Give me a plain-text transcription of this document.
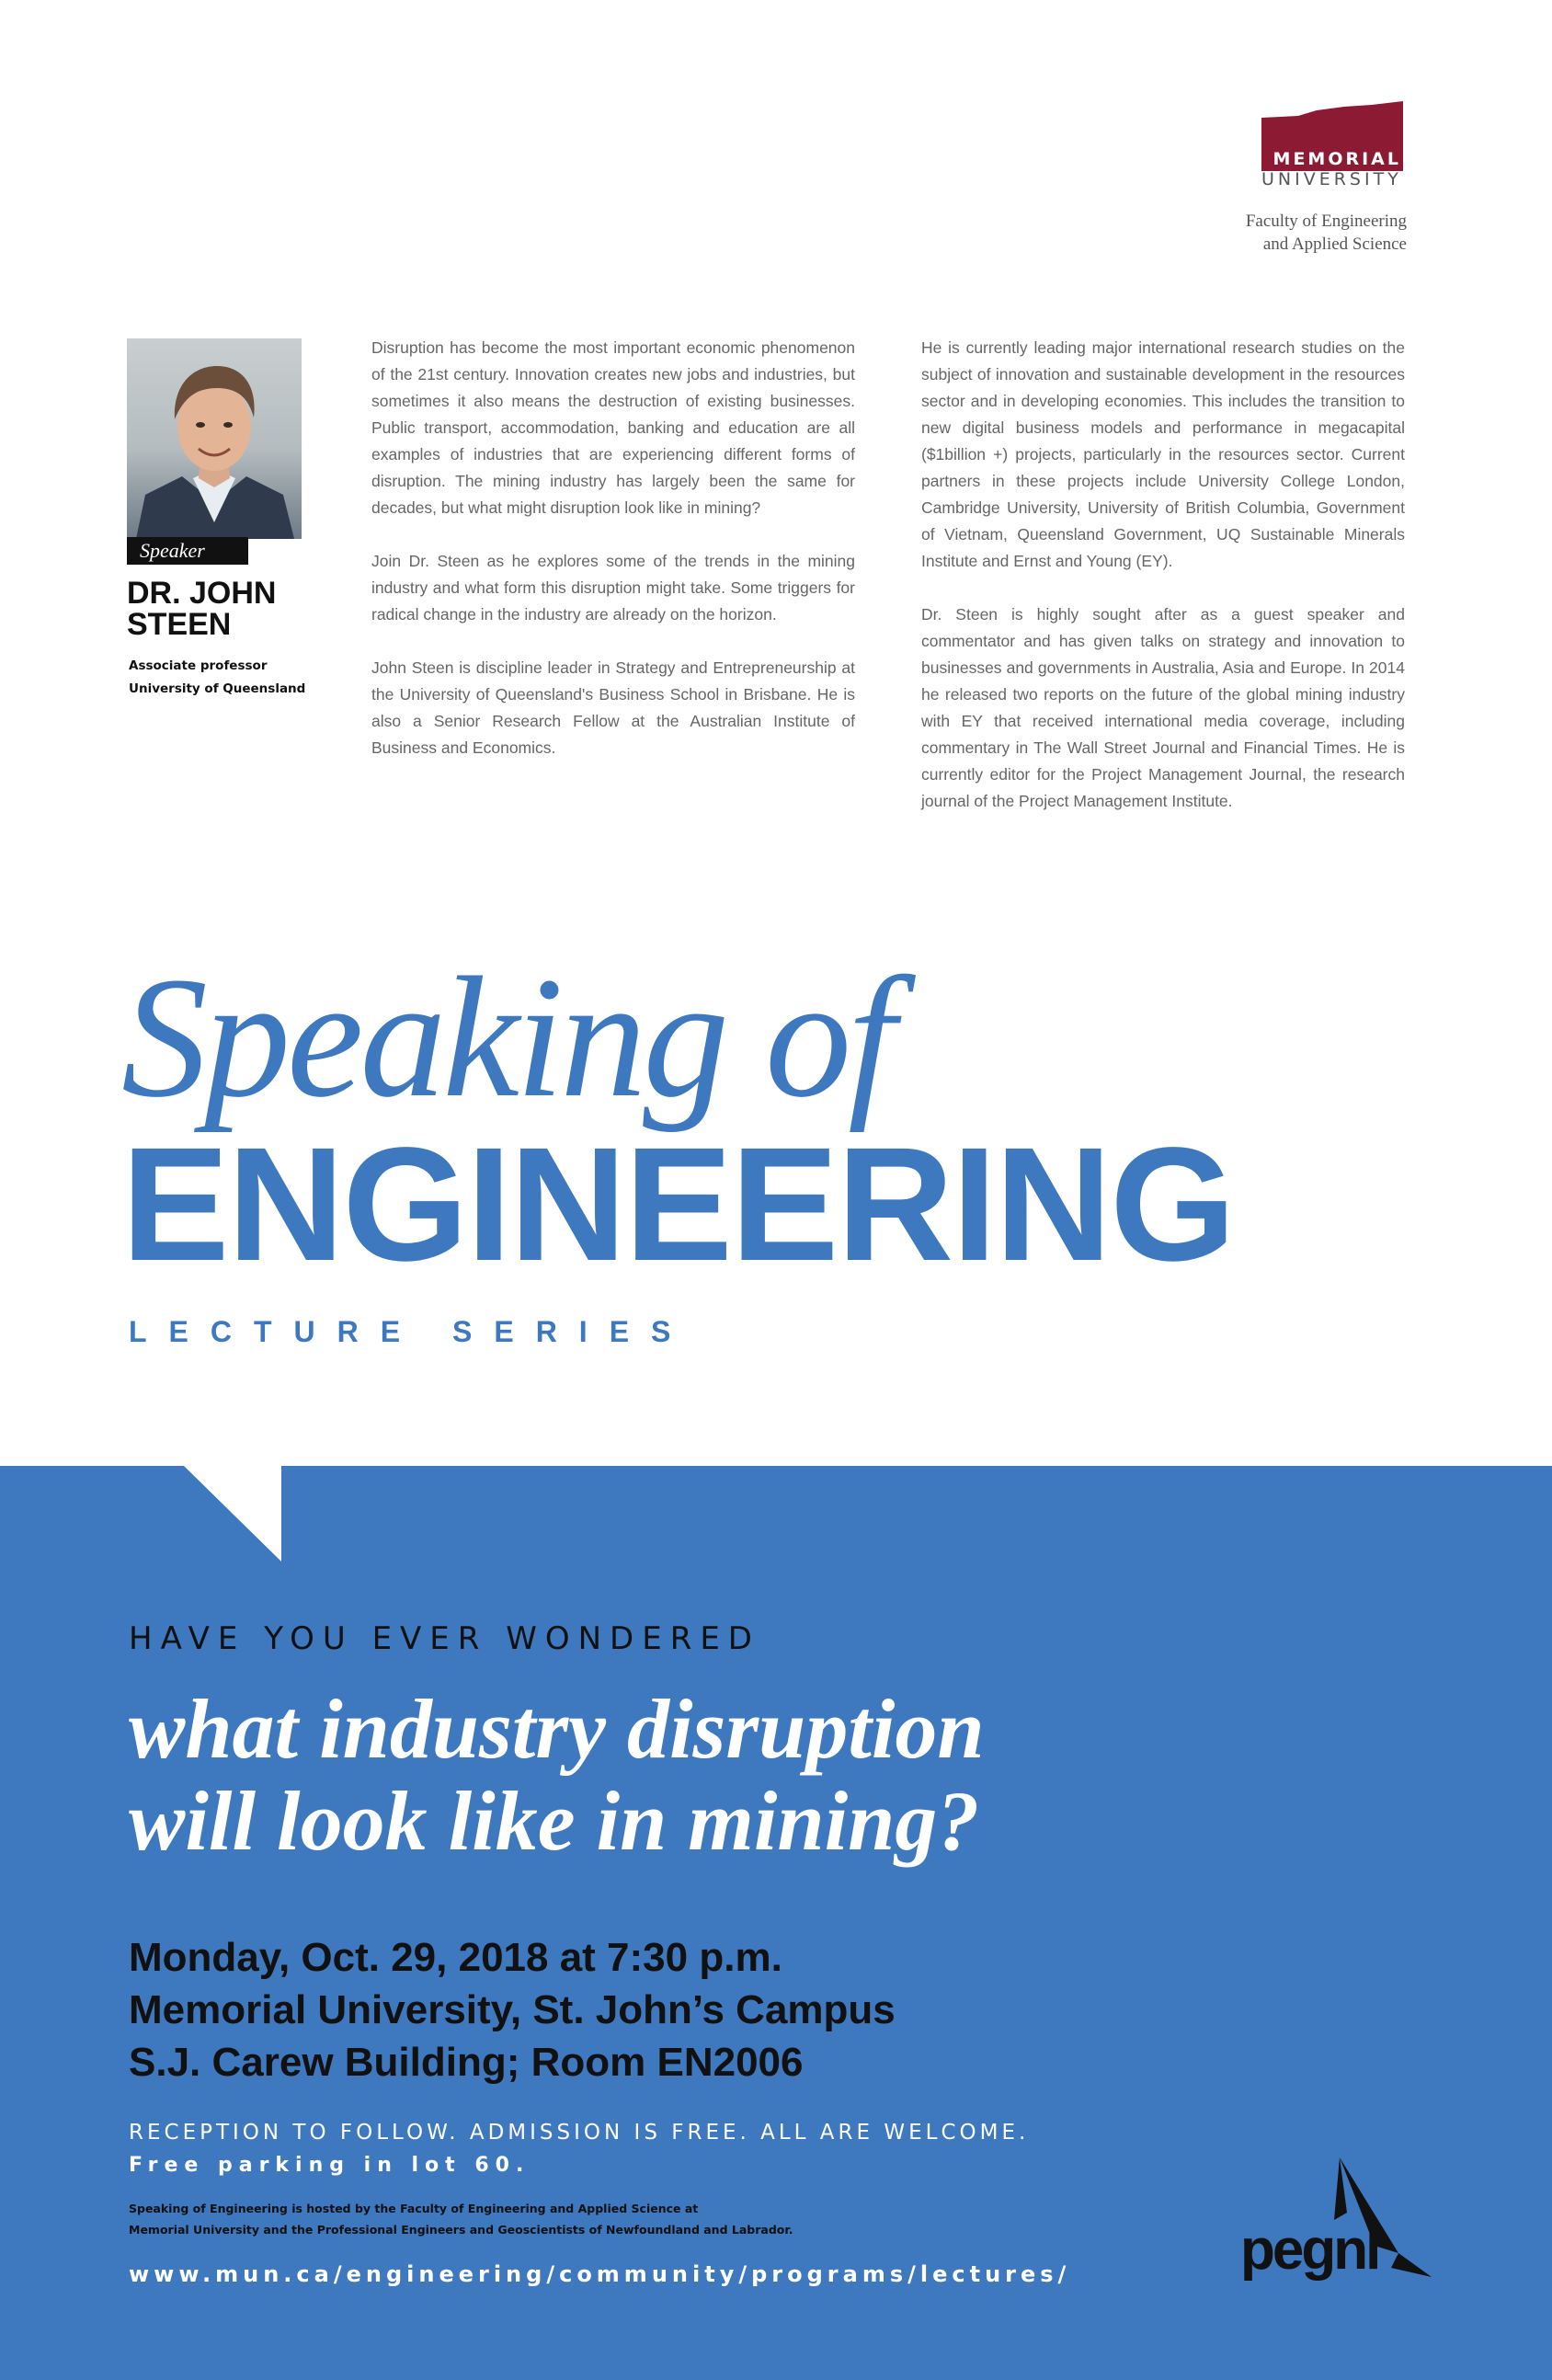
MEMORIAL
UNIVERSITY
Faculty of Engineering
and Applied Science
Speaker
DR. JOHN
STEEN
Associate professor
University of Queensland

Disruption has become the most important economic phenomenon of the 21st century. Innovation creates new jobs and industries, but sometimes it also means the destruction of existing businesses. Public transport, accommodation, banking and education are all examples of industries that are experiencing different forms of disruption. The mining industry has largely been the same for decades, but what might disruption look like in mining?

Join Dr. Steen as he explores some of the trends in the mining industry and what form this disruption might take. Some triggers for radical change in the industry are already on the horizon.

John Steen is discipline leader in Strategy and Entrepreneurship at the University of Queensland's Business School in Brisbane. He is also a Senior Research Fellow at the Australian Institute of Business and Economics.

He is currently leading major international research studies on the subject of innovation and sustainable development in the resources sector and in developing economies. This includes the transition to new digital business models and performance in megacapital ($1billion +) projects, particularly in the resources sector. Current partners in these projects include University College London, Cambridge University, University of British Columbia, Government of Vietnam, Queensland Government, UQ Sustainable Minerals Institute and Ernst and Young (EY).

Dr. Steen is highly sought after as a guest speaker and commentator and has given talks on strategy and innovation to businesses and governments in Australia, Asia and Europe. In 2014 he released two reports on the future of the global mining industry with EY that received international media coverage, including commentary in The Wall Street Journal and Financial Times. He is currently editor for the Project Management Journal, the research journal of the Project Management Institute.

Speaking of
ENGINEERING
LECTURE SERIES
HAVE YOU EVER WONDERED
what industry disruption
will look like in mining?
Monday, Oct. 29, 2018 at 7:30 p.m.
Memorial University, St. John’s Campus
S.J. Carew Building; Room EN2006
RECEPTION TO FOLLOW. ADMISSION IS FREE. ALL ARE WELCOME.
Free parking in lot 60.
Speaking of Engineering is hosted by the Faculty of Engineering and Applied Science at
Memorial University and the Professional Engineers and Geoscientists of Newfoundland and Labrador.
www.mun.ca/engineering/community/programs/lectures/	pegnl
